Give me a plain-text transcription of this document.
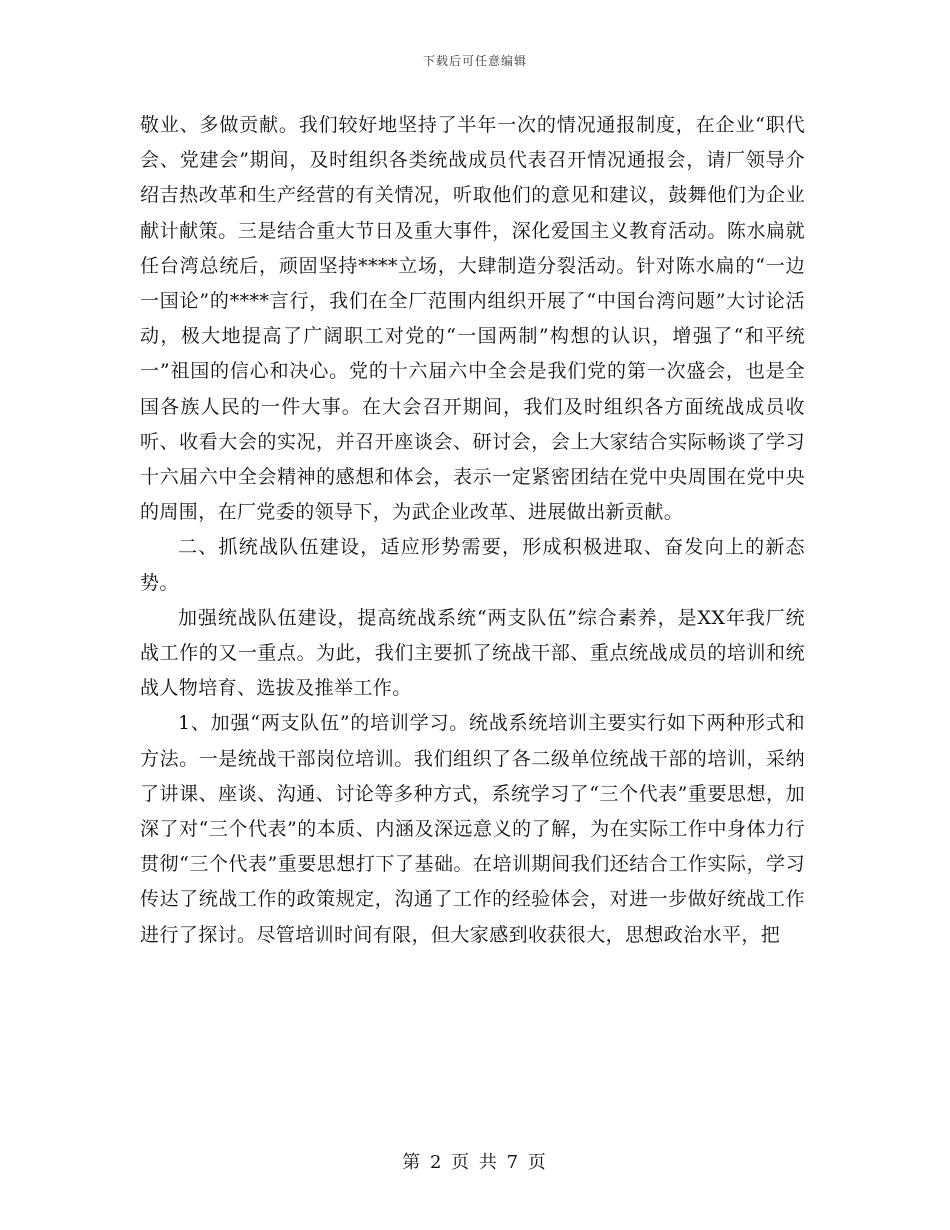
下载后可任意编辑

敬业、多做贡献。我们较好地坚持了半年一次的情况通报制度，在企业“职代会、党建会”期间，及时组织各类统战成员代表召开情况通报会，请厂领导介绍吉热改革和生产经营的有关情况，听取他们的意见和建议，鼓舞他们为企业献计献策。三是结合重大节日及重大事件，深化爱国主义教育活动。陈水扁就任台湾总统后，顽固坚持****立场，大肆制造分裂活动。针对陈水扁的“一边一国论”的****言行，我们在全厂范围内组织开展了“中国台湾问题”大讨论活动，极大地提高了广阔职工对党的“一国两制”构想的认识，增强了“和平统一”祖国的信心和决心。党的十六届六中全会是我们党的第一次盛会，也是全国各族人民的一件大事。在大会召开期间，我们及时组织各方面统战成员收听、收看大会的实况，并召开座谈会、研讨会，会上大家结合实际畅谈了学习十六届六中全会精神的感想和体会，表示一定紧密团结在党中央周围在党中央的周围，在厂党委的领导下，为武企业改革、进展做出新贡献。

二、抓统战队伍建设，适应形势需要，形成积极进取、奋发向上的新态势。

加强统战队伍建设，提高统战系统“两支队伍”综合素养，是XX年我厂统战工作的又一重点。为此，我们主要抓了统战干部、重点统战成员的培训和统战人物培育、选拔及推举工作。

1、加强“两支队伍”的培训学习。统战系统培训主要实行如下两种形式和方法。一是统战干部岗位培训。我们组织了各二级单位统战干部的培训，采纳了讲课、座谈、沟通、讨论等多种方式，系统学习了“三个代表”重要思想，加深了对“三个代表”的本质、内涵及深远意义的了解，为在实际工作中身体力行贯彻“三个代表”重要思想打下了基础。在培训期间我们还结合工作实际，学习传达了统战工作的政策规定，沟通了工作的经验体会，对进一步做好统战工作进行了探讨。尽管培训时间有限，但大家感到收获很大，思想政治水平，把

第 2 页 共 7 页
